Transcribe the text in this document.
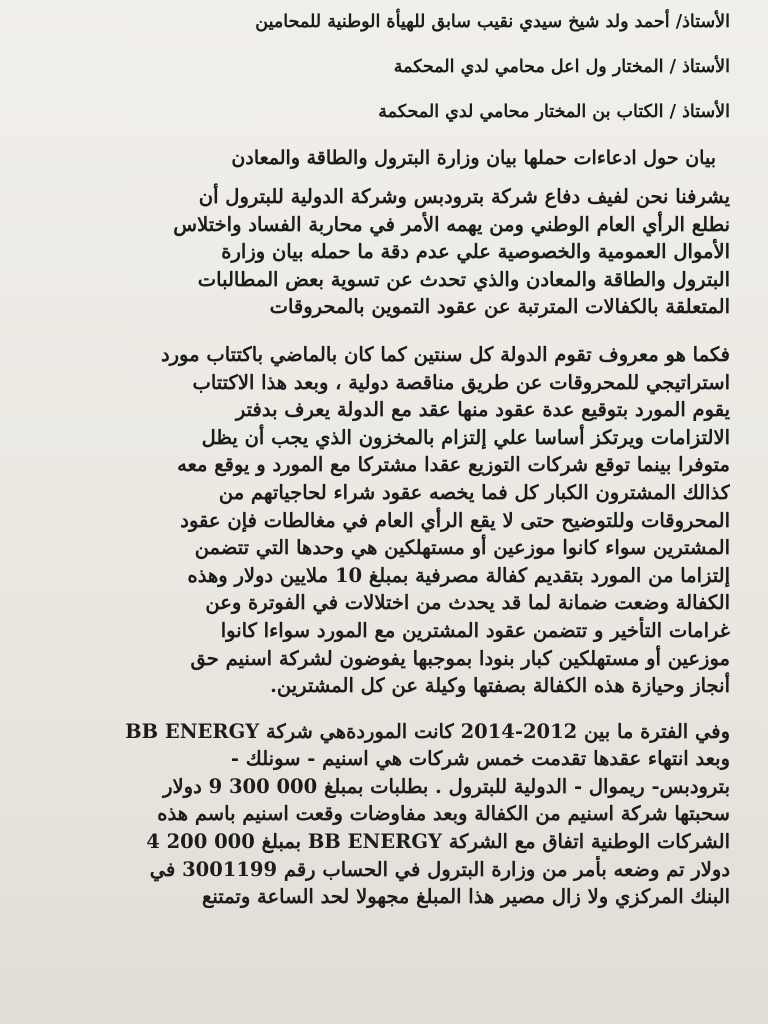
الأستاذ/ أحمد ولد شيخ سيدي نقيب سابق للهيأة الوطنية للمحامين
الأستاذ / المختار ول اعل محامي لدي المحكمة
الأستاذ / الكتاب بن المختار محامي لدي المحكمة
بيان حول ادعاءات حملها بيان وزارة البترول والطاقة والمعادن
يشرفنا نحن لفيف دفاع شركة بترودبس وشركة الدولية للبترول أن
نطلع الرأي العام الوطني ومن يهمه الأمر في محاربة الفساد واختلاس
الأموال العمومية والخصوصية علي عدم دقة ما حمله بيان وزارة
البترول والطاقة والمعادن والذي تحدث عن تسوية بعض المطالبات
المتعلقة بالكفالات المترتبة عن عقود التموين بالمحروقات
فكما هو معروف تقوم الدولة كل سنتين كما كان بالماضي باكتتاب مورد
استراتيجي للمحروقات عن طريق مناقصة دولية ، وبعد هذا الاكتتاب
يقوم المورد بتوقيع عدة عقود منها عقد مع الدولة يعرف بدفتر
الالتزامات ويرتكز أساسا علي إلتزام بالمخزون الذي يجب أن يظل
متوفرا بينما توقع شركات التوزيع عقدا مشتركا مع المورد و يوقع معه
كذالك المشترون الكبار كل فما يخصه عقود شراء لحاجياتهم من
المحروقات وللتوضيح حتى لا يقع الرأي العام في مغالطات فإن عقود
المشترين سواء كانوا موزعين أو مستهلكين هي وحدها التي تتضمن
إلتزاما من المورد بتقديم كفالة مصرفية بمبلغ 10 ملايين دولار وهذه
الكفالة وضعت ضمانة لما قد يحدث من اختلالات في الفوترة وعن
غرامات التأخير و تتضمن عقود المشترين مع المورد سواءا كانوا
موزعين أو مستهلكين كبار بنودا بموجبها يفوضون لشركة اسنيم حق
أنجاز وحيازة هذه الكفالة بصفتها وكيلة عن كل المشترين.
وفي الفترة ما بين 2012-2014 كانت الموردةهي شركة BB ENERGY
وبعد انتهاء عقدها تقدمت خمس شركات هي اسنيم - سونلك -
بترودبس- ريموال - الدولية للبترول . بطلبات بمبلغ 000 300 9 دولار
سحبتها شركة اسنيم من الكفالة وبعد مفاوضات وقعت اسنيم باسم هذه
الشركات الوطنية اتفاق مع الشركة BB ENERGY بمبلغ 000 200 4
دولار تم وضعه بأمر من وزارة البترول في الحساب رقم 3001199 في
البنك المركزي ولا زال مصير هذا المبلغ مجهولا لحد الساعة وتمتنع
